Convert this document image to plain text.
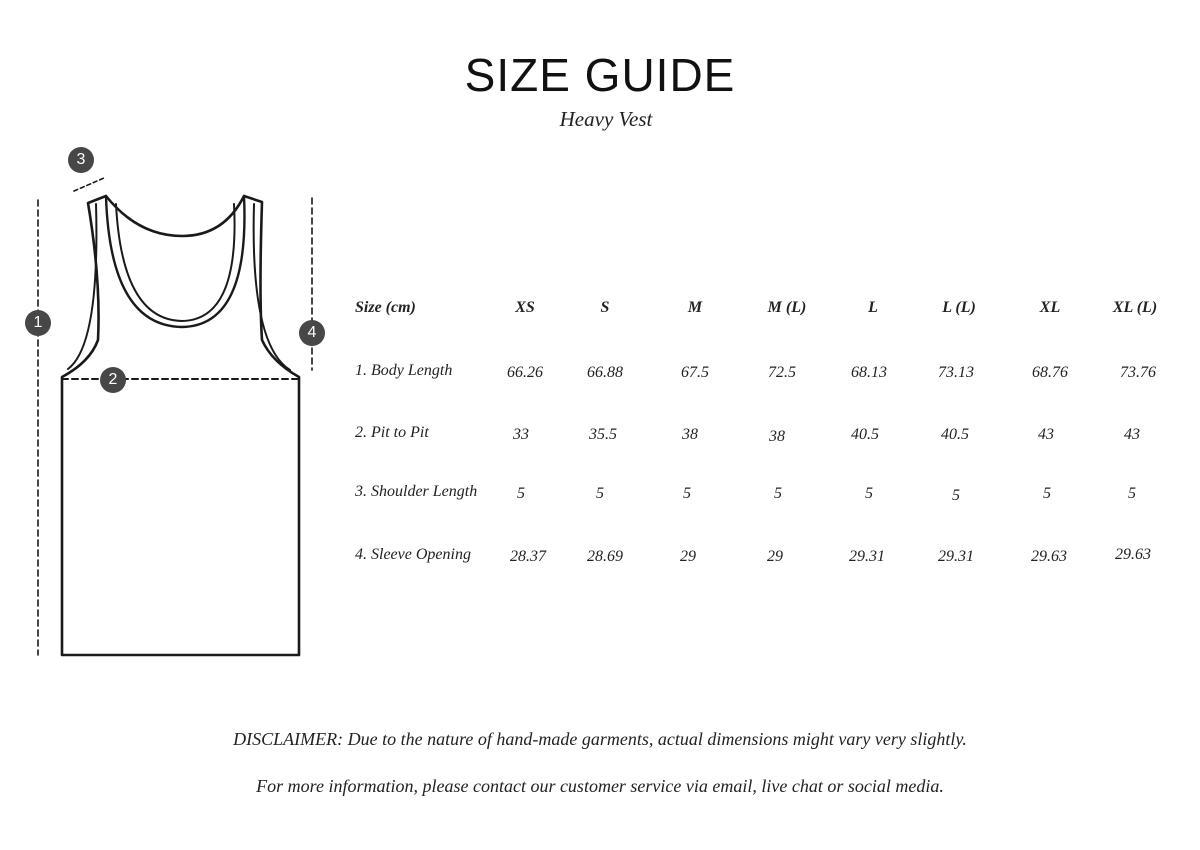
SIZE GUIDE
Heavy Vest
3
1
4
2
Size (cm)	XS	S	M	M (L)	L	L (L)	XL	XL (L)
1. Body Length	66.26	66.88	67.5	72.5	68.13	73.13	68.76	73.76
2. Pit to Pit	33	35.5	38	38	40.5	40.5	43	43
3. Shoulder Length	5	5	5	5	5	5	5	5
4. Sleeve Opening	28.37	28.69	29	29	29.31	29.31	29.63	29.63
DISCLAIMER: Due to the nature of hand-made garments, actual dimensions might vary very slightly.
For more information, please contact our customer service via email, live chat or social media.
